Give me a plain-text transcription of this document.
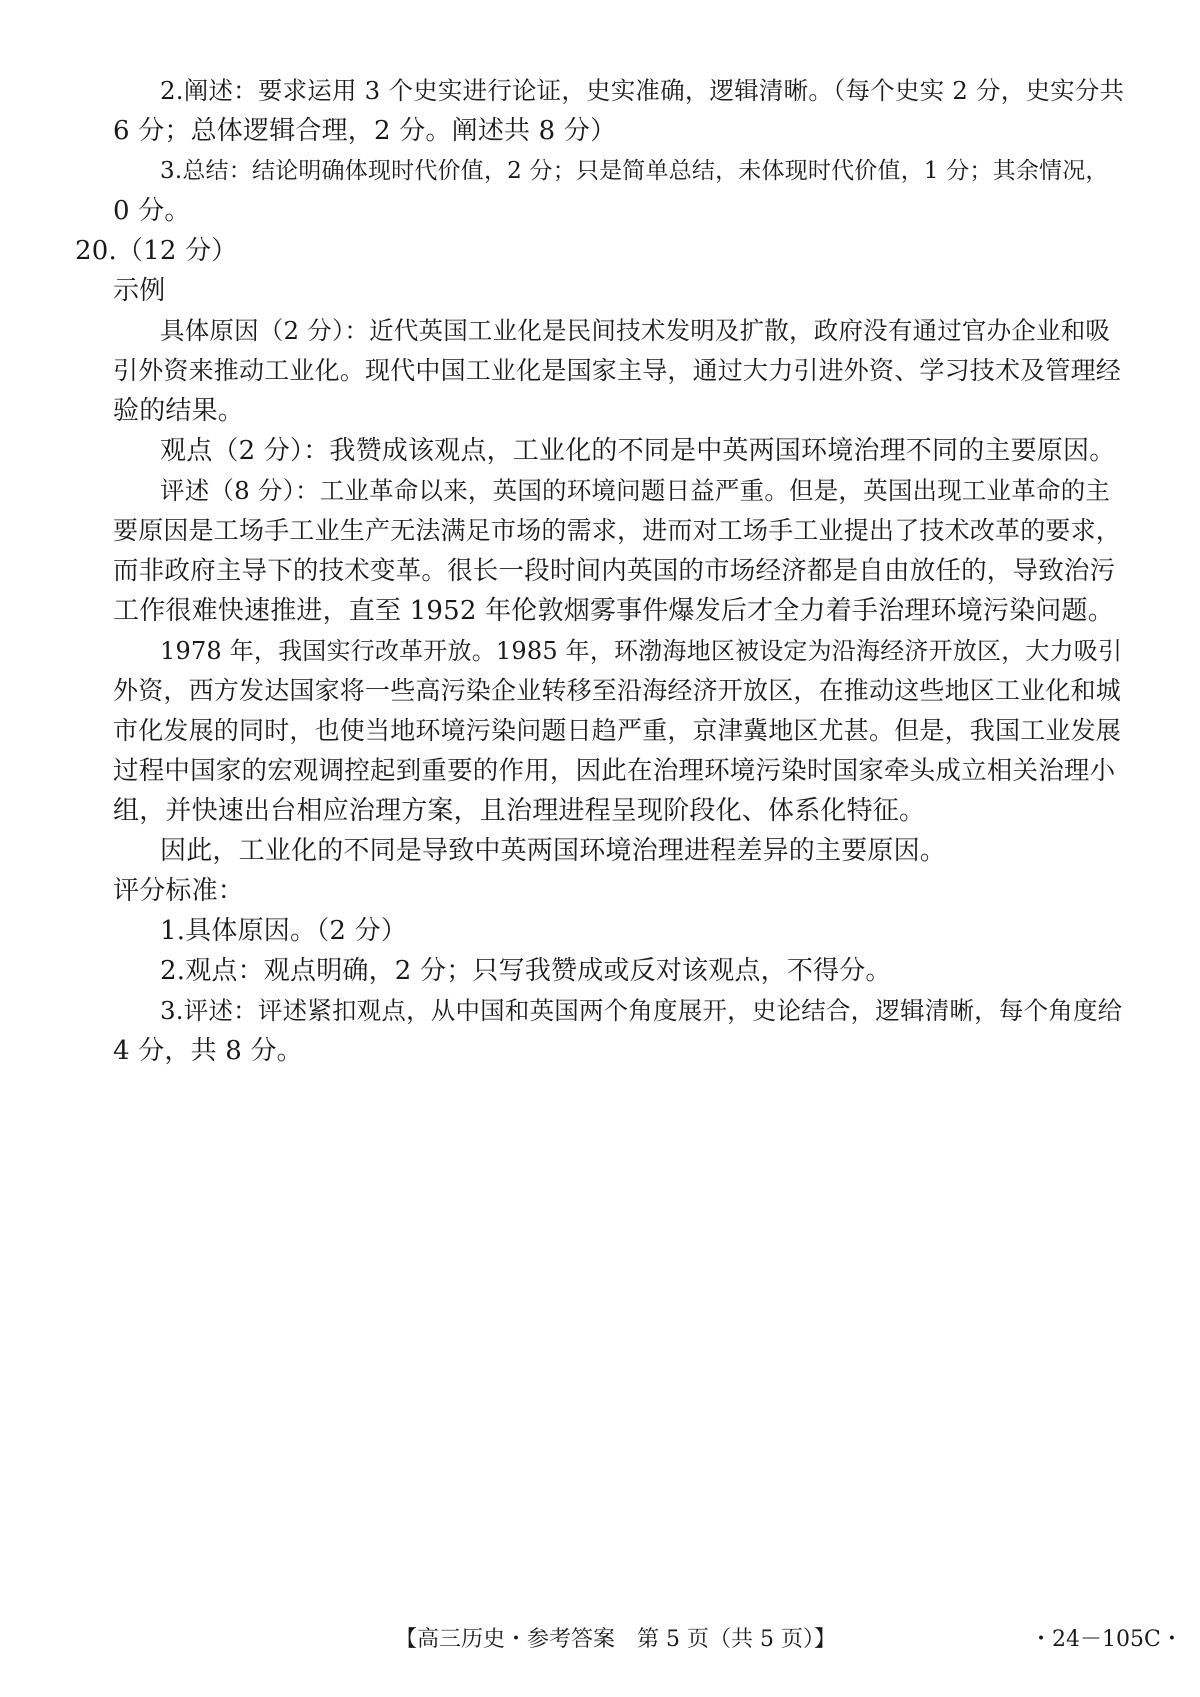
2.阐述：要求运用 3 个史实进行论证，史实准确，逻辑清晰。（每个史实 2 分，史实分共
6 分；总体逻辑合理，2 分。阐述共 8 分）
3.总结：结论明确体现时代价值，2 分；只是简单总结，未体现时代价值，1 分；其余情况，
0 分。
20.（12 分）
示例
具体原因（2 分）：近代英国工业化是民间技术发明及扩散，政府没有通过官办企业和吸
引外资来推动工业化。现代中国工业化是国家主导，通过大力引进外资、学习技术及管理经
验的结果。
观点（2 分）：我赞成该观点，工业化的不同是中英两国环境治理不同的主要原因。
评述（8 分）：工业革命以来，英国的环境问题日益严重。但是，英国出现工业革命的主
要原因是工场手工业生产无法满足市场的需求，进而对工场手工业提出了技术改革的要求，
而非政府主导下的技术变革。很长一段时间内英国的市场经济都是自由放任的，导致治污
工作很难快速推进，直至 1952 年伦敦烟雾事件爆发后才全力着手治理环境污染问题。
1978 年，我国实行改革开放。1985 年，环渤海地区被设定为沿海经济开放区，大力吸引
外资，西方发达国家将一些高污染企业转移至沿海经济开放区，在推动这些地区工业化和城
市化发展的同时，也使当地环境污染问题日趋严重，京津冀地区尤甚。但是，我国工业发展
过程中国家的宏观调控起到重要的作用，因此在治理环境污染时国家牵头成立相关治理小
组，并快速出台相应治理方案，且治理进程呈现阶段化、体系化特征。
因此，工业化的不同是导致中英两国环境治理进程差异的主要原因。
评分标准：
1.具体原因。（2 分）
2.观点：观点明确，2 分；只写我赞成或反对该观点，不得分。
3.评述：评述紧扣观点，从中国和英国两个角度展开，史论结合，逻辑清晰，每个角度给
4 分，共 8 分。
【高三历史・参考答案　第 5 页（共 5 页）】	・24－105C・
